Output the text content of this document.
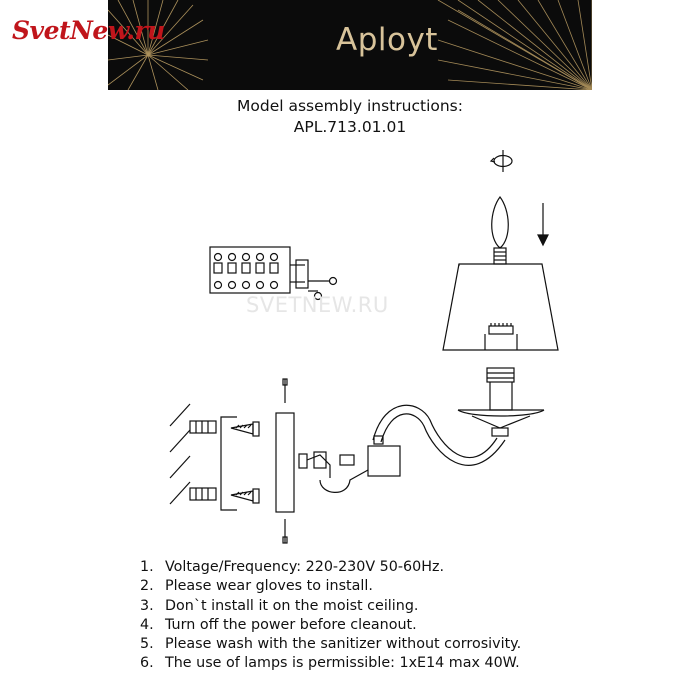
Aployt
SvetNew.ru
Model assembly instructions:
APL.713.01.01
SVETNEW.RU
1. Voltage/Frequency: 220-230V 50-60Hz.
2. Please wear gloves to install.
3. Don`t install it on the moist ceiling.
4. Turn off the power before cleanout.
5. Please wash with the sanitizer without corrosivity.
6. The use of lamps is permissible: 1xE14 max 40W.
